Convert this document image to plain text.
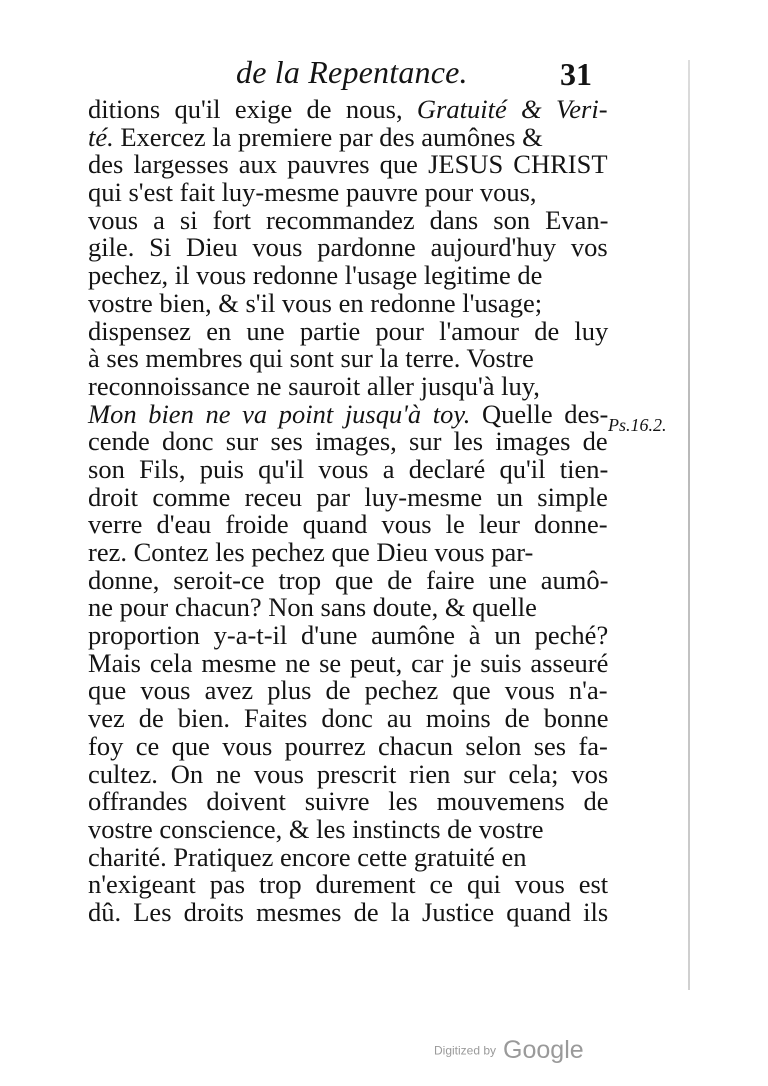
de la Repentance.	31
ditions qu'il exige de nous, Gratuité & Veri-
té. Exercez la premiere par des aumônes &
des largesses aux pauvres que JESUS CHRIST
qui s'est fait luy-mesme pauvre pour vous,
vous a si fort recommandez dans son Evan-
gile. Si Dieu vous pardonne aujourd'huy vos
pechez, il vous redonne l'usage legitime de
vostre bien, & s'il vous en redonne l'usage;
dispensez en une partie pour l'amour de luy
à ses membres qui sont sur la terre. Vostre
reconnoissance ne sauroit aller jusqu'à luy,
Mon bien ne va point jusqu'à toy. Quelle des-
cende donc sur ses images, sur les images de
son Fils, puis qu'il vous a declaré qu'il tien-
droit comme receu par luy-mesme un simple
verre d'eau froide quand vous le leur donne-
rez. Contez les pechez que Dieu vous par-
donne, seroit-ce trop que de faire une aumô-
ne pour chacun? Non sans doute, & quelle
proportion y-a-t-il d'une aumône à un peché?
Mais cela mesme ne se peut, car je suis asseuré
que vous avez plus de pechez que vous n'a-
vez de bien. Faites donc au moins de bonne
foy ce que vous pourrez chacun selon ses fa-
cultez. On ne vous prescrit rien sur cela; vos
offrandes doivent suivre les mouvemens de
vostre conscience, & les instincts de vostre
charité. Pratiquez encore cette gratuité en
n'exigeant pas trop durement ce qui vous est
dû. Les droits mesmes de la Justice quand ils
Ps.16.2.
Digitized by Google
